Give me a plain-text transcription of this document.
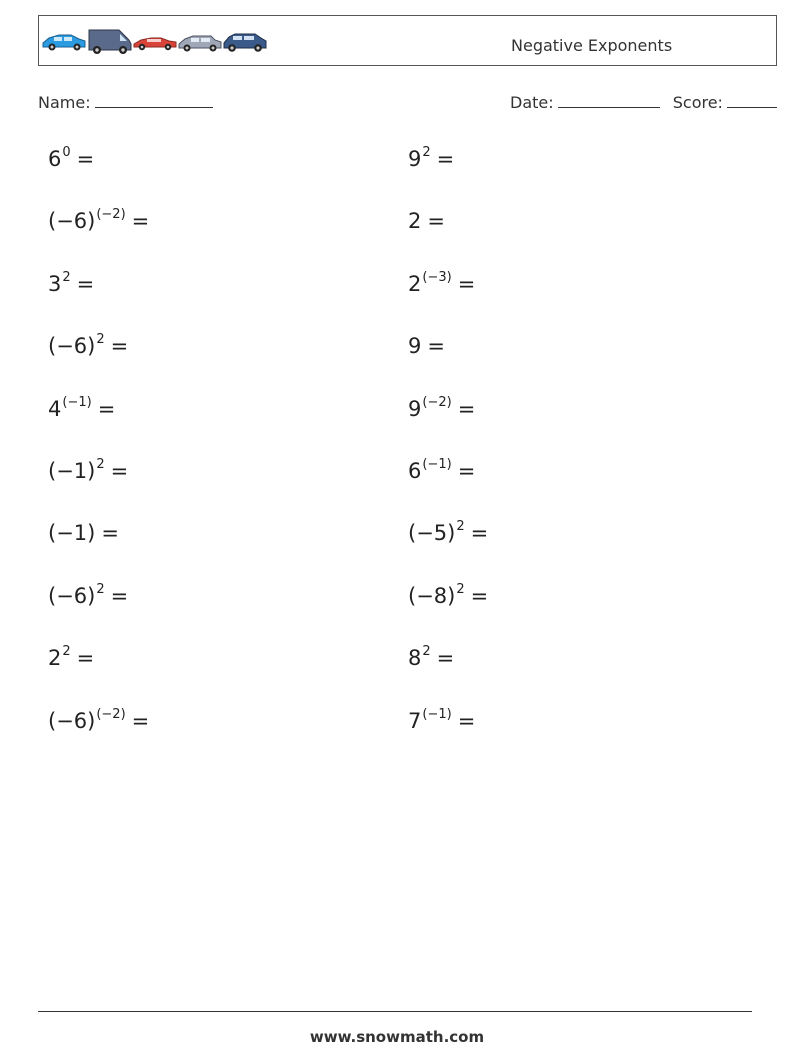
Negative Exponents
Name:	Date:	Score:
$6^0$ =	$9^2$ =
$(-6)^{(-2)}$ =	2 =
$3^2$ =	$2^{(-3)}$ =
$(-6)^2$ =	9 =
$4^{(-1)}$ =	$9^{(-2)}$ =
$(-1)^2$ =	$6^{(-1)}$ =
(−1) =	$(-5)^2$ =
$(-6)^2$ =	$(-8)^2$ =
$2^2$ =	$8^2$ =
$(-6)^{(-2)}$ =	$7^{(-1)}$ =
www.snowmath.com
